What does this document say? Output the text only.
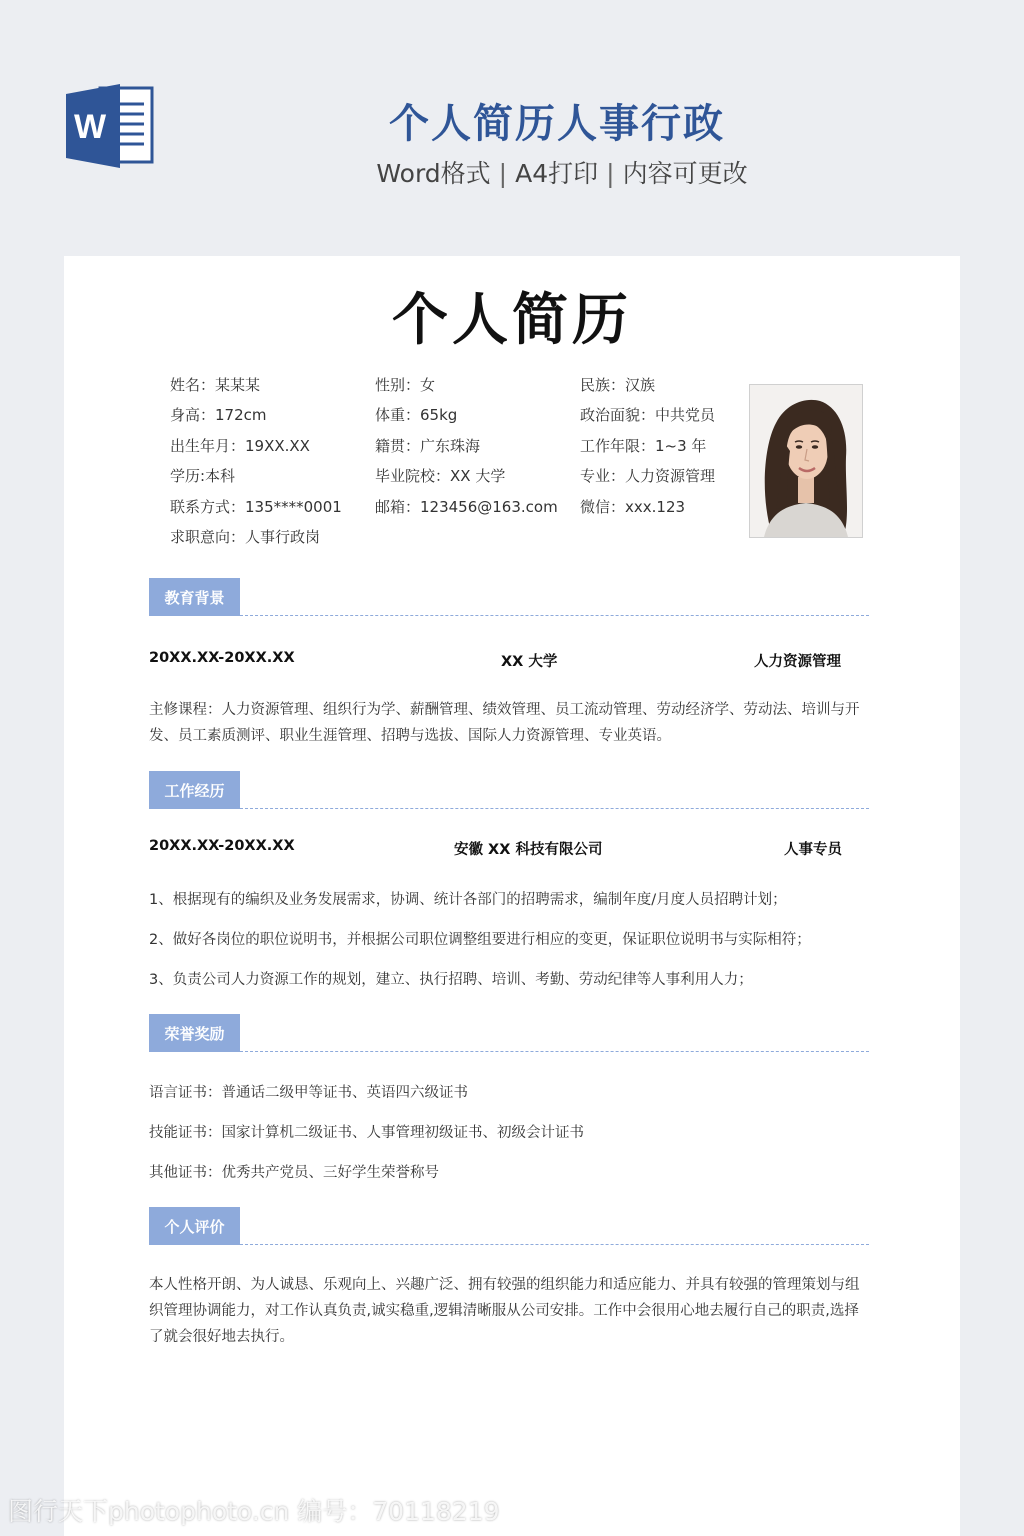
W	个人简历人事行政
Word格式 | A4打印 | 内容可更改
个人简历
姓名：某某某	性别：女	民族：汉族
身高：172cm	体重：65kg	政治面貌：中共党员
出生年月：19XX.XX	籍贯：广东珠海	工作年限：1~3 年
学历:本科	毕业院校：XX 大学	专业：人力资源管理
联系方式：135****0001 邮箱：123456@163.com 微信：xxx.123
求职意向：人事行政岗
教育背景
20XX.XX-20XX.XX	XX 大学	人力资源管理
主修课程：人力资源管理、组织行为学、薪酬管理、绩效管理、员工流动管理、劳动经济学、劳动法、培训与开发、员工素质测评、职业生涯管理、招聘与选拔、国际人力资源管理、专业英语。
工作经历
20XX.XX-20XX.XX	安徽 XX 科技有限公司	人事专员
1、根据现有的编织及业务发展需求，协调、统计各部门的招聘需求，编制年度/月度人员招聘计划；
2、做好各岗位的职位说明书，并根据公司职位调整组要进行相应的变更，保证职位说明书与实际相符；
3、负责公司人力资源工作的规划，建立、执行招聘、培训、考勤、劳动纪律等人事利用人力；
荣誉奖励
语言证书：普通话二级甲等证书、英语四六级证书
技能证书：国家计算机二级证书、人事管理初级证书、初级会计证书
其他证书：优秀共产党员、三好学生荣誉称号
个人评价
本人性格开朗、为人诚恳、乐观向上、兴趣广泛、拥有较强的组织能力和适应能力、并具有较强的管理策划与组织管理协调能力，对工作认真负责,诚实稳重,逻辑清晰服从公司安排。工作中会很用心地去履行自己的职责,选择了就会很好地去执行。
图行天下photophoto.cn 编号：70118219
